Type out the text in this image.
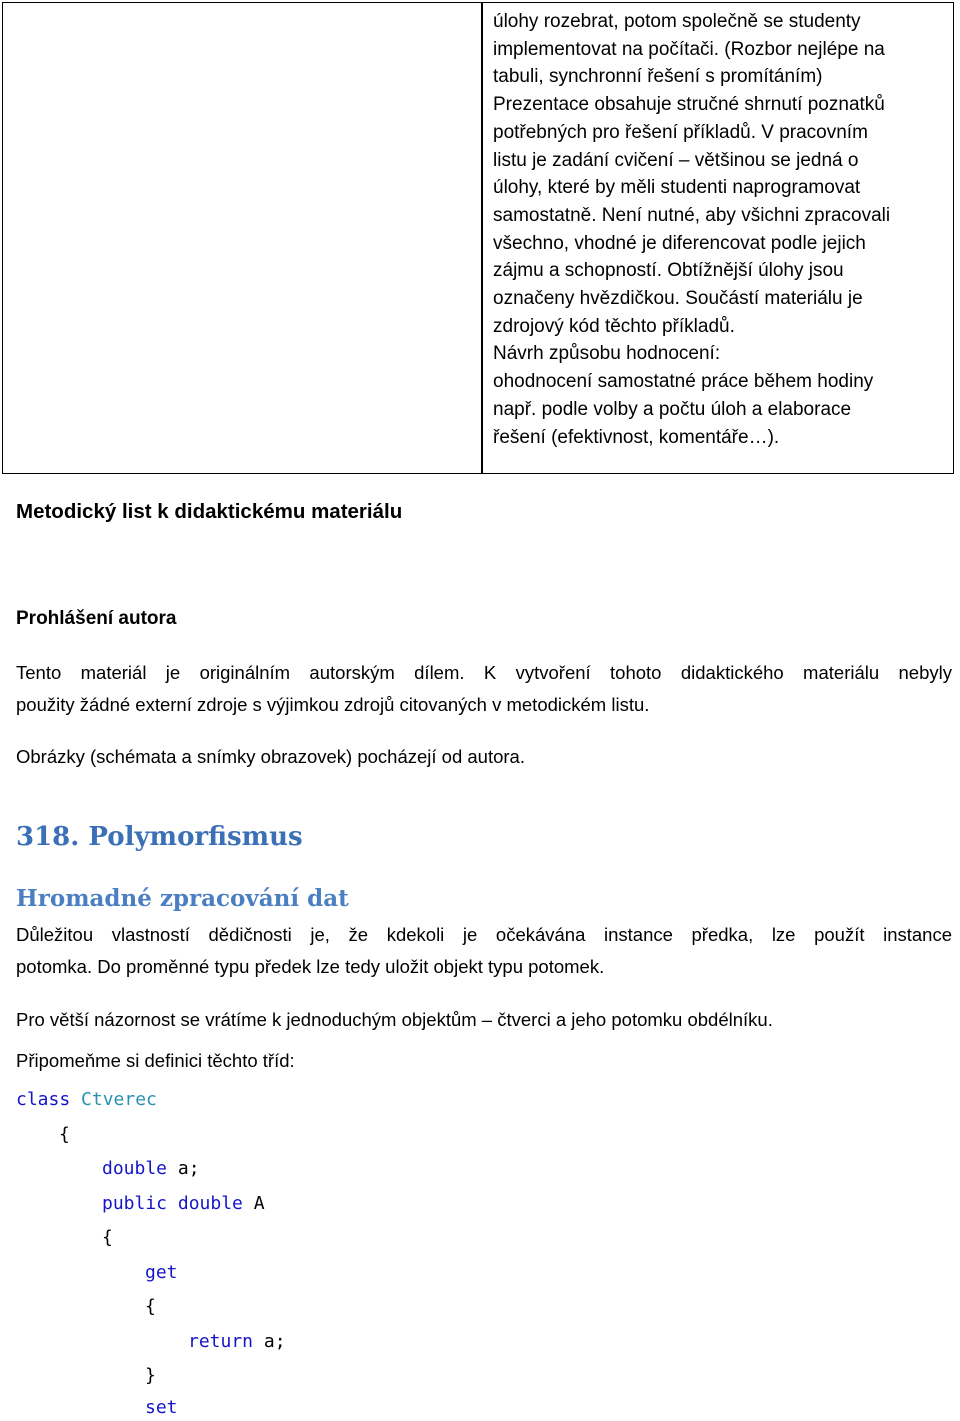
úlohy rozebrat, potom společně se studenty
implementovat na počítači. (Rozbor nejlépe na
tabuli, synchronní řešení s promítáním)
Prezentace obsahuje stručné shrnutí poznatků
potřebných pro řešení příkladů. V pracovním
listu je zadání cvičení – většinou se jedná o
úlohy, které by měli studenti naprogramovat
samostatně. Není nutné, aby všichni zpracovali
všechno, vhodné je diferencovat podle jejich
zájmu a schopností. Obtížnější úlohy jsou
označeny hvězdičkou. Součástí materiálu je
zdrojový kód těchto příkladů.
Návrh způsobu hodnocení:
ohodnocení samostatné práce během hodiny
např. podle volby a počtu úloh a elaborace
řešení (efektivnost, komentáře…).
Metodický list k didaktickému materiálu
Prohlášení autora
Tento materiál je originálním autorským dílem. K vytvoření tohoto didaktického materiálu nebyly
použity žádné externí zdroje s výjimkou zdrojů citovaných v metodickém listu.
Obrázky (schémata a snímky obrazovek) pocházejí od autora.
318. Polymorfismus
Hromadné zpracování dat
Důležitou vlastností dědičnosti je, že kdekoli je očekávána instance předka, lze použít instance
potomka. Do proměnné typu předek lze tedy uložit objekt typu potomek.
Pro větší názornost se vrátíme k jednoduchým objektům – čtverci a jeho potomku obdélníku.
Připomeňme si definici těchto tříd:
class Ctverec
{
double a;
public double A
{
get
{
return a;
}
set
